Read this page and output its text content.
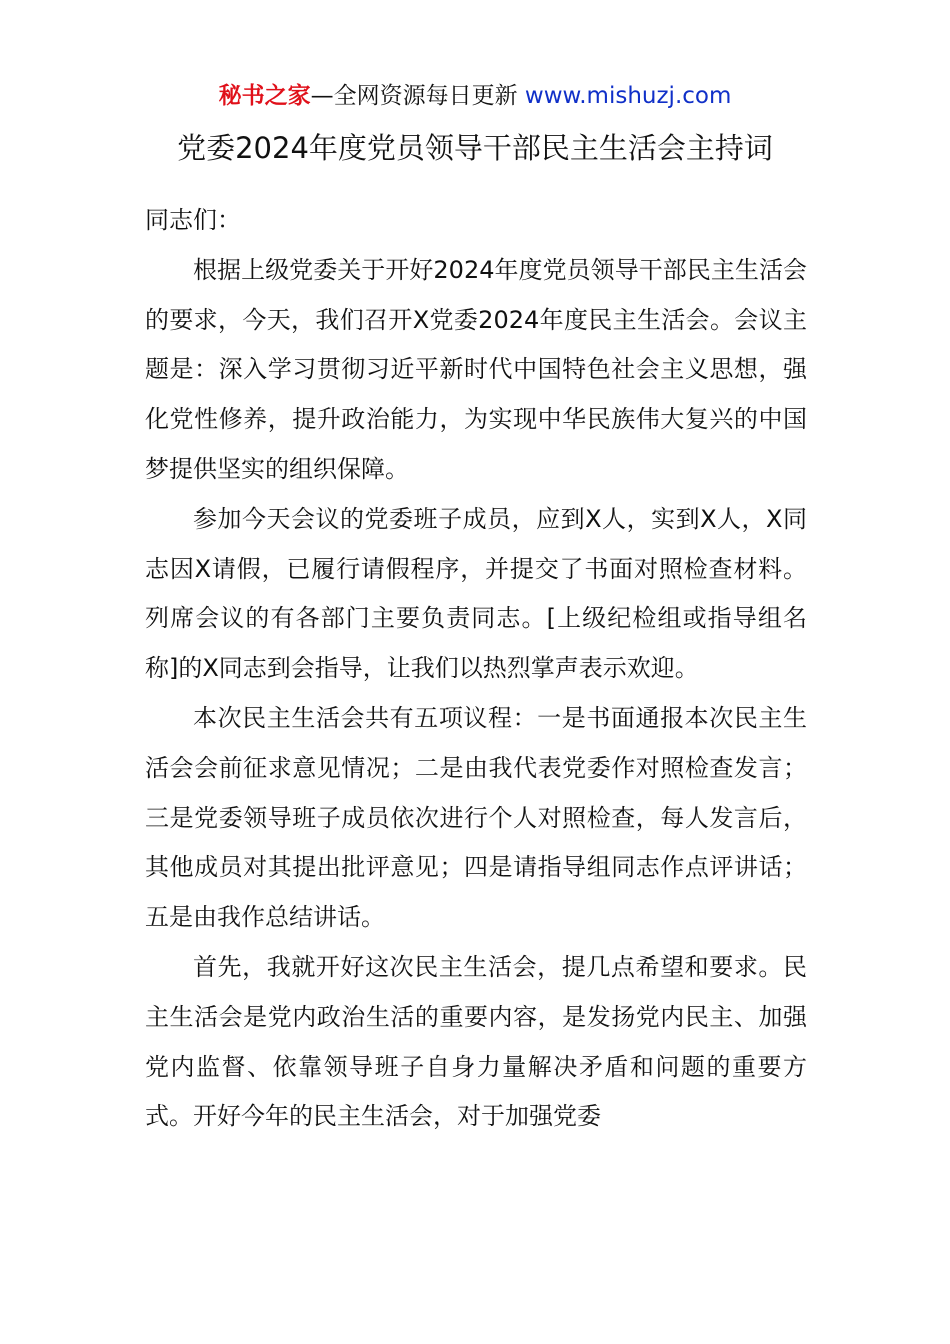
秘书之家—全网资源每日更新 www.mishuzj.com
党委2024年度党员领导干部民主生活会主持词

同志们：

根据上级党委关于开好2024年度党员领导干部民主生活会的要求，今天，我们召开X党委2024年度民主生活会。会议主题是：深入学习贯彻习近平新时代中国特色社会主义思想，强化党性修养，提升政治能力，为实现中华民族伟大复兴的中国梦提供坚实的组织保障。

参加今天会议的党委班子成员，应到X人，实到X人，X同志因X请假，已履行请假程序，并提交了书面对照检查材料。列席会议的有各部门主要负责同志。[上级纪检组或指导组名称]的X同志到会指导，让我们以热烈掌声表示欢迎。

本次民主生活会共有五项议程：一是书面通报本次民主生活会会前征求意见情况；二是由我代表党委作对照检查发言；三是党委领导班子成员依次进行个人对照检查，每人发言后，其他成员对其提出批评意见；四是请指导组同志作点评讲话；五是由我作总结讲话。

首先，我就开好这次民主生活会，提几点希望和要求。民主生活会是党内政治生活的重要内容，是发扬党内民主、加强党内监督、依靠领导班子自身力量解决矛盾和问题的重要方式。开好今年的民主生活会，对于加强党委
